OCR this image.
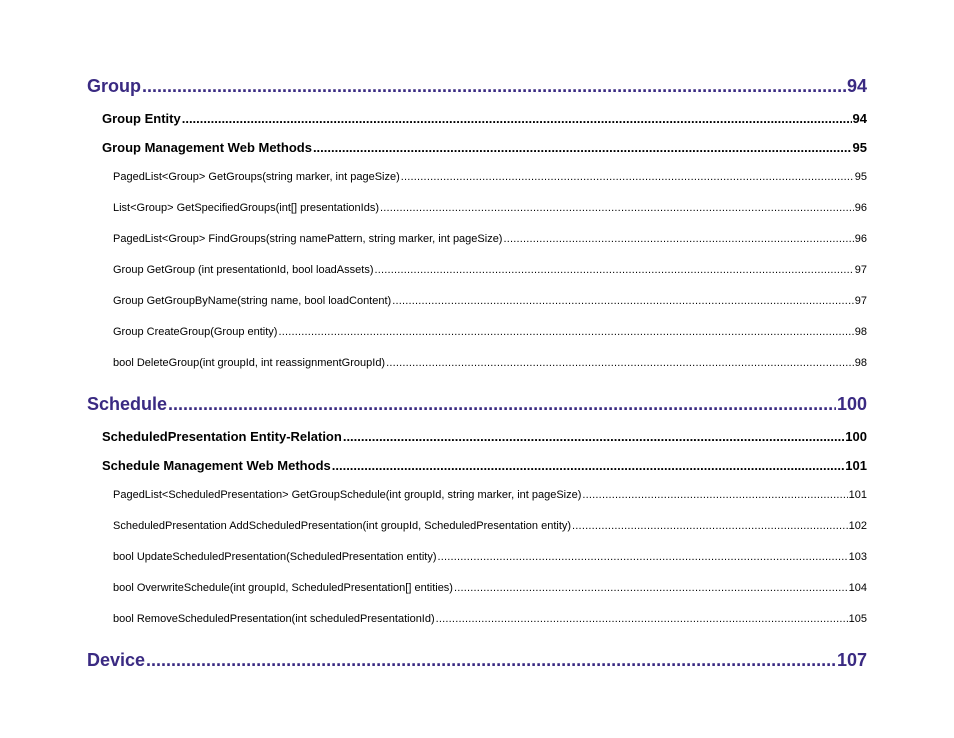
Group .....	94
Group Entity .....	94
Group Management Web Methods .....	95
PagedList<Group> GetGroups(string marker, int pageSize) .....	95
List<Group> GetSpecifiedGroups(int[] presentationIds) .....	96
PagedList<Group> FindGroups(string namePattern, string marker, int pageSize) .....	96
Group GetGroup (int presentationId, bool loadAssets) .....	97
Group GetGroupByName(string name, bool loadContent) .....	97
Group CreateGroup(Group entity) .....	98
bool DeleteGroup(int groupId, int reassignmentGroupId) .....	98
Schedule .....	100
ScheduledPresentation Entity-Relation .....	100
Schedule Management Web Methods .....	101
PagedList<ScheduledPresentation> GetGroupSchedule(int groupId, string marker, int pageSize) .....	101
ScheduledPresentation AddScheduledPresentation(int groupId, ScheduledPresentation entity) .....	102
bool UpdateScheduledPresentation(ScheduledPresentation entity) .....	103
bool OverwriteSchedule(int groupId, ScheduledPresentation[] entities) .....	104
bool RemoveScheduledPresentation(int scheduledPresentationId) .....	105
Device .....	107
